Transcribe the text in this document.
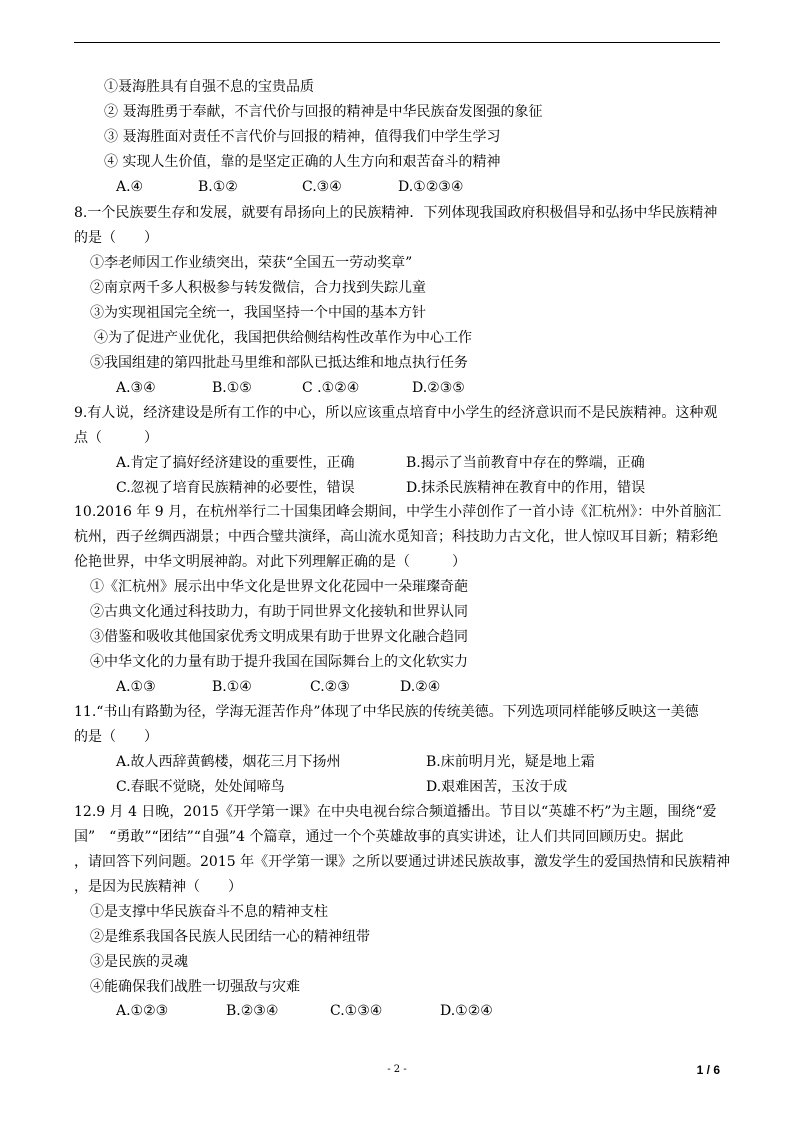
①聂海胜具有自强不息的宝贵品质
② 聂海胜勇于奉献，不言代价与回报的精神是中华民族奋发图强的象征
③ 聂海胜面对责任不言代价与回报的精神，值得我们中学生学习
④ 实现人生价值，靠的是坚定正确的人生方向和艰苦奋斗的精神
A.④	B.①②	C.③④	D.①②③④
8.一个民族要生存和发展，就要有昂扬向上的民族精神．下列体现我国政府积极倡导和弘扬中华民族精神
的是（　　）
①李老师因工作业绩突出，荣获“全国五一劳动奖章”
②南京两千多人积极参与转发微信，合力找到失踪儿童
③为实现祖国完全统一，我国坚持一个中国的基本方针
④为了促进产业优化，我国把供给侧结构性改革作为中心工作
⑤我国组建的第四批赴马里维和部队已抵达维和地点执行任务
A.③④	B.①⑤	C .①②④	D.②③⑤
9.有人说，经济建设是所有工作的中心，所以应该重点培育中小学生的经济意识而不是民族精神。这种观
点（　　　）
A.肯定了搞好经济建设的重要性，正确	B.揭示了当前教育中存在的弊端，正确
C.忽视了培育民族精神的必要性，错误	D.抹杀民族精神在教育中的作用，错误
10.2016 年 9 月，在杭州举行二十国集团峰会期间，中学生小萍创作了一首小诗《汇杭州》：中外首脑汇
杭州，西子丝绸西湖景；中西合璧共演绎，高山流水觅知音；科技助力古文化，世人惊叹耳目新；精彩绝
伦艳世界，中华文明展神韵。对此下列理解正确的是（　　　）
①《汇杭州》展示出中华文化是世界文化花园中一朵璀璨奇葩
②古典文化通过科技助力，有助于同世界文化接轨和世界认同
③借鉴和吸收其他国家优秀文明成果有助于世界文化融合趋同
④中华文化的力量有助于提升我国在国际舞台上的文化软实力
A.①③	B.①④	C.②③	D.②④
11.“书山有路勤为径，学海无涯苦作舟”体现了中华民族的传统美德。下列选项同样能够反映这一美德
的是（　　）
A.故人西辞黄鹤楼，烟花三月下扬州	B.床前明月光，疑是地上霜
C.春眠不觉晓，处处闻啼鸟	D.艰难困苦，玉汝于成
12.9 月 4 日晚，2015《开学第一课》在中央电视台综合频道播出。节目以“英雄不朽”为主题，围绕“爱
国”　“勇敢”“团结”“自强”4 个篇章，通过一个个英雄故事的真实讲述，让人们共同回顾历史。据此
，请回答下列问题。2015 年《开学第一课》之所以要通过讲述民族故事，激发学生的爱国热情和民族精神
，是因为民族精神（　　）
①是支撑中华民族奋斗不息的精神支柱
②是维系我国各民族人民团结一心的精神纽带
③是民族的灵魂
④能确保我们战胜一切强敌与灾难
A.①②③	B.②③④	C.①③④	D.①②④
- 2 -	1 / 6
